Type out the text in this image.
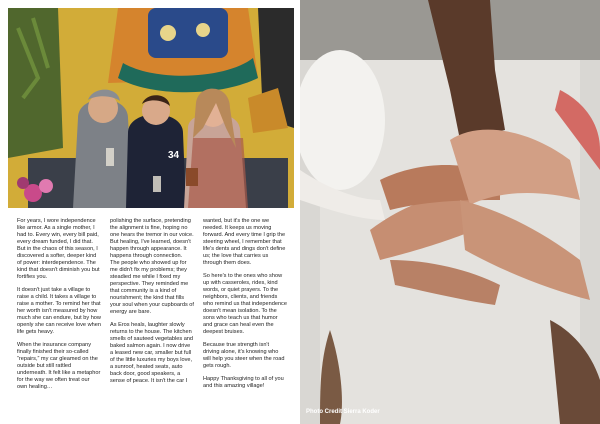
34

For years, I wore independence like armor. As a single mother, I had to. Every win, every bill paid, every dream funded, I did that. But in the chaos of this season, I discovered a softer, deeper kind of power: interdependence. The kind that doesn't diminish you but fortifies you.

It doesn't just take a village to raise a child. It takes a village to raise a mother. To remind her that her worth isn't measured by how much she can endure, but by how openly she can receive love when life gets heavy.

When the insurance company finally finished their so-called “repairs,” my car gleamed on the outside but still rattled underneath. It felt like a metaphor for the way we often treat our own healing…

polishing the surface, pretending the alignment is fine, hoping no one hears the tremor in our voice. But healing, I've learned, doesn't happen through appearance. It happens through connection.

The people who showed up for me didn't fix my problems; they steadied me while I fixed my perspective. They reminded me that community is a kind of nourishment; the kind that fills your soul when your cupboards of energy are bare.

As Eros heals, laughter slowly returns to the house. The kitchen smells of sauteed vegetables and baked salmon again. I now drive a leased new car, smaller but full of the little luxuries my boys love, a sunroof, heated seats, auto back door, good speakers, a sense of peace. It isn't the car I

wanted, but it's the one we needed. It keeps us moving forward. And every time I grip the steering wheel, I remember that life's dents and dings don't define us; the love that carries us through them does.

So here's to the ones who show up with casseroles, rides, kind words, or quiet prayers. To the neighbors, clients, and friends who remind us that independence doesn't mean isolation. To the sons who teach us that humor and grace can heal even the deepest bruises.

Because true strength isn't driving alone, it's knowing who will help you steer when the road gets rough.

Happy Thanksgiving to all of you and this amazing village!

Photo Credit Sierra Koder
